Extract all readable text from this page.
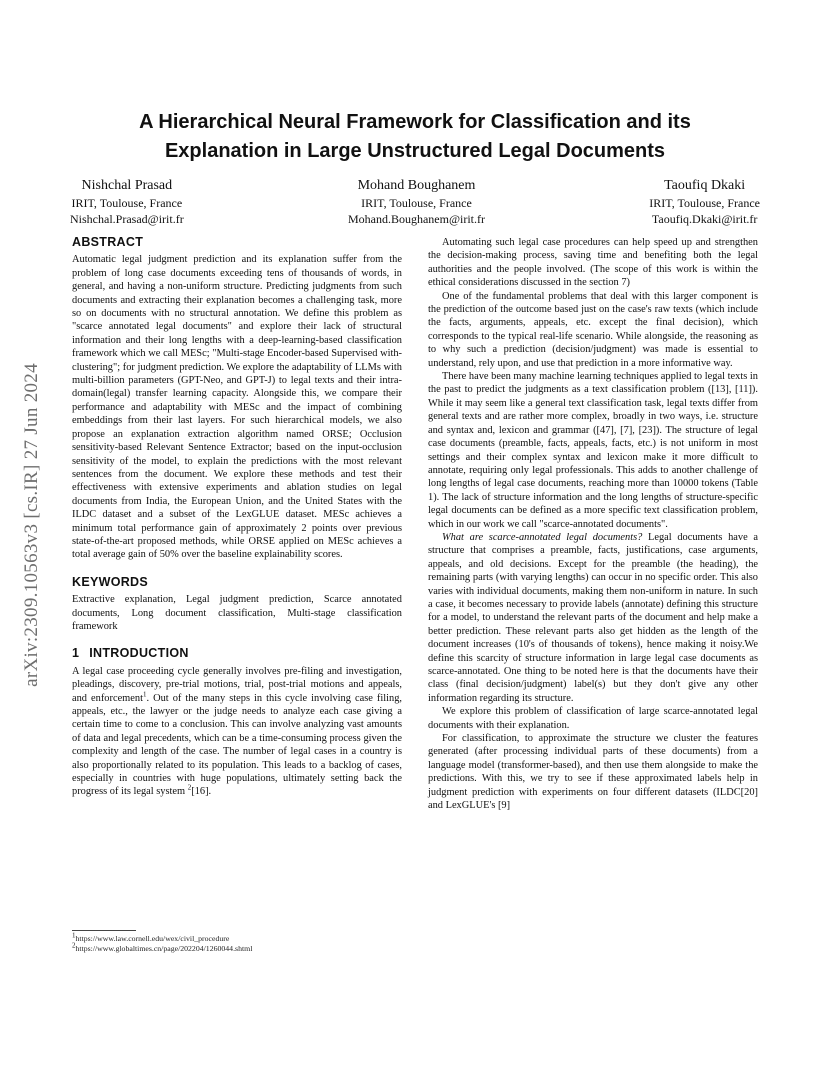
arXiv:2309.10563v3 [cs.IR] 27 Jun 2024
A Hierarchical Neural Framework for Classification and its
Explanation in Large Unstructured Legal Documents
Nishchal Prasad
IRIT, Toulouse, France
Nishchal.Prasad@irit.fr
Mohand Boughanem
IRIT, Toulouse, France
Mohand.Boughanem@irit.fr
Taoufiq Dkaki
IRIT, Toulouse, France
Taoufiq.Dkaki@irit.fr
ABSTRACT

Automatic legal judgment prediction and its explanation suffer from the problem of long case documents exceeding tens of thousands of words, in general, and having a non-uniform structure. Predicting judgments from such documents and extracting their explanation becomes a challenging task, more so on documents with no structural annotation. We define this problem as "scarce annotated legal documents" and explore their lack of structural information and their long lengths with a deep-learning-based classification framework which we call MESc; "Multi-stage Encoder-based Supervised with-clustering"; for judgment prediction. We explore the adaptability of LLMs with multi-billion parameters (GPT-Neo, and GPT-J) to legal texts and their intra-domain(legal) transfer learning capacity. Alongside this, we compare their performance and adaptability with MESc and the impact of combining embeddings from their last layers. For such hierarchical models, we also propose an explanation extraction algorithm named ORSE; Occlusion sensitivity-based Relevant Sentence Extractor; based on the input-occlusion sensitivity of the model, to explain the predictions with the most relevant sentences from the document. We explore these methods and test their effectiveness with extensive experiments and ablation studies on legal documents from India, the European Union, and the United States with the ILDC dataset and a subset of the LexGLUE dataset. MESc achieves a minimum total performance gain of approximately 2 points over previous state-of-the-art proposed methods, while ORSE applied on MESc achieves a total average gain of 50% over the baseline explainability scores.

KEYWORDS

Extractive explanation, Legal judgment prediction, Scarce annotated documents, Long document classification, Multi-stage classification framework

1 INTRODUCTION

A legal case proceeding cycle generally involves pre-filing and investigation, pleadings, discovery, pre-trial motions, trial, post-trial motions and appeals, and enforcement$^1$. Out of the many steps in this cycle involving case filing, appeals, etc., the lawyer or the judge needs to analyze each case giving a certain time to come to a conclusion. This can involve analyzing vast amounts of data and legal precedents, which can be a time-consuming process given the complexity and length of the case. The number of legal cases in a country is also proportionally related to its population. This leads to a backlog of cases, especially in countries with huge populations, ultimately setting back the progress of its legal system $^2$[16].

$^1$https://www.law.cornell.edu/wex/civil_procedure
$^2$https://www.globaltimes.cn/page/202204/1260044.shtml

Automating such legal case procedures can help speed up and strengthen the decision-making process, saving time and benefiting both the legal authorities and the people involved. (The scope of this work is within the ethical considerations discussed in the section 7)

One of the fundamental problems that deal with this larger component is the prediction of the outcome based just on the case's raw texts (which include the facts, arguments, appeals, etc. except the final decision), which corresponds to the typical real-life scenario. While alongside, the reasoning as to why such a prediction (decision/judgment) was made is essential to understand, rely upon, and use that prediction in a more informative way.

There have been many machine learning techniques applied to legal texts in the past to predict the judgments as a text classification problem ([13], [11]). While it may seem like a general text classification task, legal texts differ from general texts and are rather more complex, broadly in two ways, i.e. structure and syntax and, lexicon and grammar ([47], [7], [23]). The structure of legal case documents (preamble, facts, appeals, facts, etc.) is not uniform in most settings and their complex syntax and lexicon make it more difficult to annotate, requiring only legal professionals. This adds to another challenge of long lengths of legal case documents, reaching more than 10000 tokens (Table 1). The lack of structure information and the long lengths of structure-specific legal documents can be defined as a more specific text classification problem, which in our work we call "scarce-annotated documents".

What are scarce-annotated legal documents? Legal documents have a structure that comprises a preamble, facts, justifications, case arguments, appeals, and old decisions. Except for the preamble (the heading), the remaining parts (with varying lengths) can occur in no specific order. This also varies with individual documents, making them non-uniform in nature. In such a case, it becomes necessary to provide labels (annotate) defining this structure for a model, to understand the relevant parts of the document and help make a better prediction. These relevant parts also get hidden as the length of the document increases (10's of thousands of tokens), hence making it noisy.We define this scarcity of structure information in large legal case documents as scarce-annotated. One thing to be noted here is that the documents have their class (final decision/judgment) label(s) but they don't give any other information regarding its structure.

We explore this problem of classification of large scarce-annotated legal documents with their explanation.

For classification, to approximate the structure we cluster the features generated (after processing individual parts of these documents) from a language model (transformer-based), and then use them alongside to make the predictions. With this, we try to see if these approximated labels help in judgment prediction with experiments on four different datasets (ILDC[20] and LexGLUE's [9]
